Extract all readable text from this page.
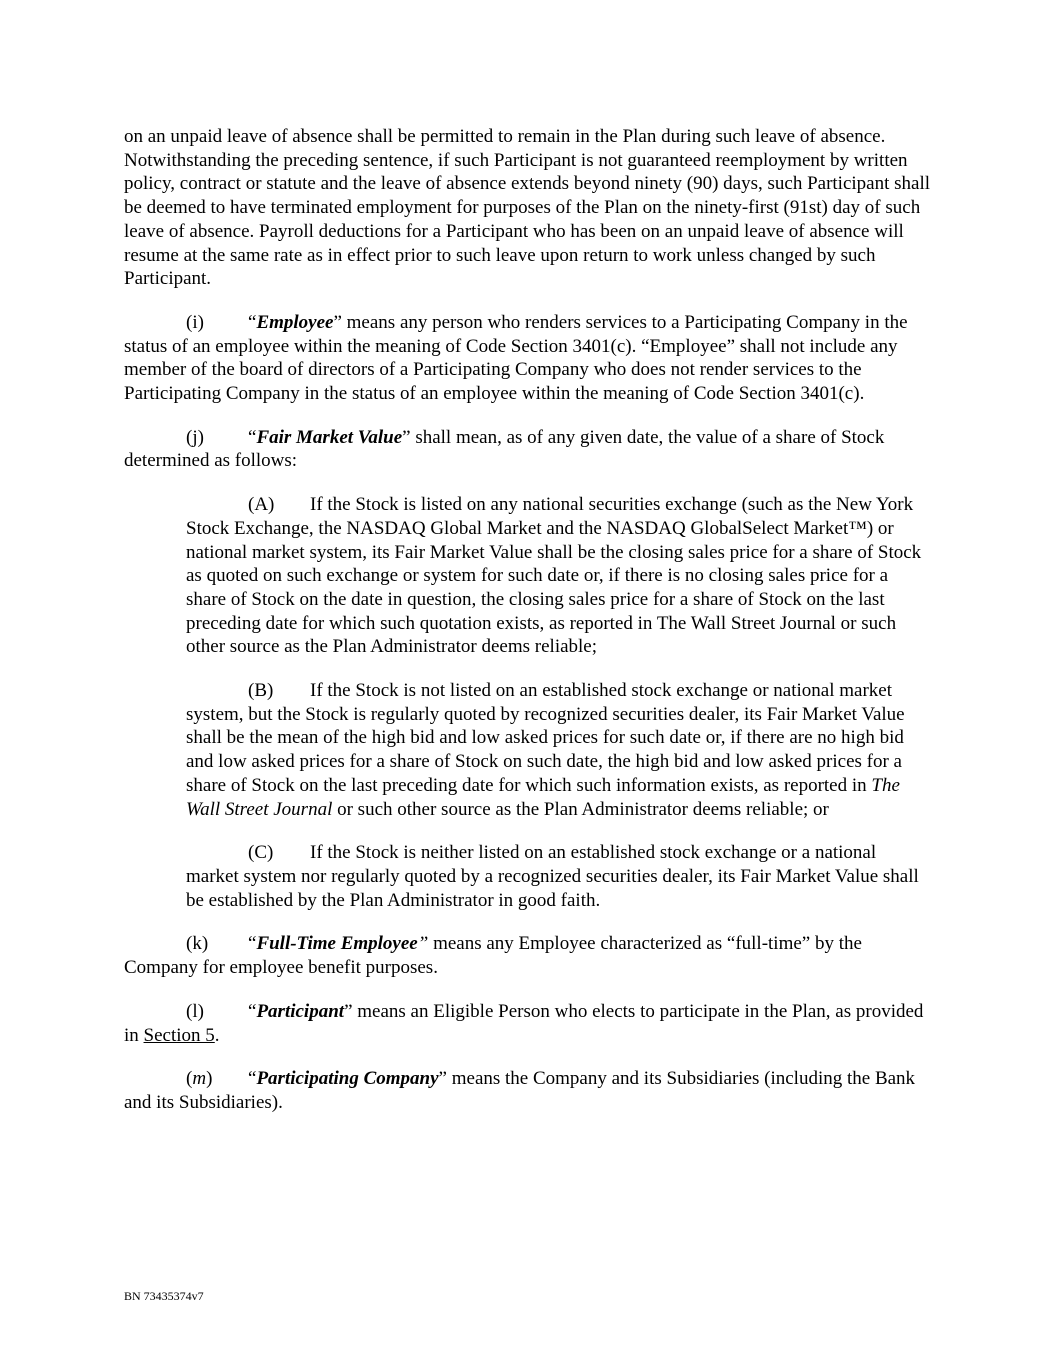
on an unpaid leave of absence shall be permitted to remain in the Plan during such leave of absence. Notwithstanding the preceding sentence, if such Participant is not guaranteed reemployment by written policy, contract or statute and the leave of absence extends beyond ninety (90) days, such Participant shall be deemed to have terminated employment for purposes of the Plan on the ninety-first (91st) day of such leave of absence. Payroll deductions for a Participant who has been on an unpaid leave of absence will resume at the same rate as in effect prior to such leave upon return to work unless changed by such Participant.

(i) “Employee” means any person who renders services to a Participating Company in the status of an employee within the meaning of Code Section 3401(c). “Employee” shall not include any member of the board of directors of a Participating Company who does not render services to the Participating Company in the status of an employee within the meaning of Code Section 3401(c).

(j) “Fair Market Value” shall mean, as of any given date, the value of a share of Stock determined as follows:

(A) If the Stock is listed on any national securities exchange (such as the New York Stock Exchange, the NASDAQ Global Market and the NASDAQ GlobalSelect Market™) or national market system, its Fair Market Value shall be the closing sales price for a share of Stock as quoted on such exchange or system for such date or, if there is no closing sales price for a share of Stock on the date in question, the closing sales price for a share of Stock on the last preceding date for which such quotation exists, as reported in The Wall Street Journal or such other source as the Plan Administrator deems reliable;

(B) If the Stock is not listed on an established stock exchange or national market system, but the Stock is regularly quoted by recognized securities dealer, its Fair Market Value shall be the mean of the high bid and low asked prices for such date or, if there are no high bid and low asked prices for a share of Stock on such date, the high bid and low asked prices for a share of Stock on the last preceding date for which such information exists, as reported in The Wall Street Journal or such other source as the Plan Administrator deems reliable; or

(C) If the Stock is neither listed on an established stock exchange or a national market system nor regularly quoted by a recognized securities dealer, its Fair Market Value shall be established by the Plan Administrator in good faith.

(k) “Full-Time Employee” means any Employee characterized as “full-time” by the Company for employee benefit purposes.

(l) “Participant” means an Eligible Person who elects to participate in the Plan, as provided in Section 5.

(m) “Participating Company” means the Company and its Subsidiaries (including the Bank and its Subsidiaries).

BN 73435374v7
